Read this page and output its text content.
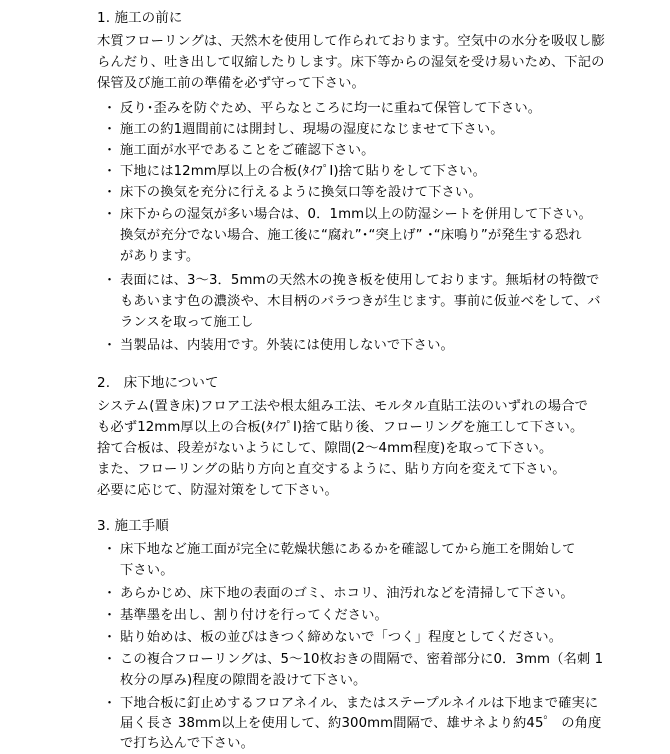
1. 施工の前に
木質フローリングは、天然木を使用して作られております。空気中の水分を吸収し膨
らんだり、吐き出して収縮したりします。床下等からの湿気を受け易いため、下記の
保管及び施工前の準備を必ず守って下さい。
・ 反り･歪みを防ぐため、平らなところに均一に重ねて保管して下さい。
・ 施工の約1週間前には開封し、現場の湿度になじませて下さい。
・ 施工面が水平であることをご確認下さい。
・ 下地には12mm厚以上の合板(ﾀｲﾌﾟⅠ)捨て貼りをして下さい。
・ 床下の換気を充分に行えるように換気口等を設けて下さい。
・ 床下からの湿気が多い場合は、0．1mm以上の防湿シートを併用して下さい。
換気が充分でない場合、施工後に“腐れ”･“突上げ” ･“床鳴り”が発生する恐れ
があります。
・ 表面には、3～3．5mmの天然木の挽き板を使用しております。無垢材の特徴で
もあいます色の濃淡や、木目柄のバラつきが生じます。事前に仮並べをして、バ
ランスを取って施工し
・ 当製品は、内装用です。外装には使用しないで下さい。
2.　床下地について
システム(置き床)フロア工法や根太組み工法、モルタル直貼工法のいずれの場合で
も必ず12mm厚以上の合板(ﾀｲﾌﾟⅠ)捨て貼り後、フローリングを施工して下さい。
捨て合板は、段差がないようにして、隙間(2～4mm程度)を取って下さい。
また、フローリングの貼り方向と直交するように、貼り方向を変えて下さい。
必要に応じて、防湿対策をして下さい。
3. 施工手順
・ 床下地など施工面が完全に乾燥状態にあるかを確認してから施工を開始して
下さい。
・ あらかじめ、床下地の表面のゴミ、ホコリ、油汚れなどを清掃して下さい。
・ 基準墨を出し、割り付けを行ってください。
・ 貼り始めは、板の並びはきつく締めないで「つく」程度としてください。
・ この複合フローリングは、5～10枚おきの間隔で、密着部分に0．3mm（名刺 1
枚分の厚み)程度の隙間を設けて下さい。
・ 下地合板に釘止めするフロアネイル、またはステープルネイルは下地まで確実に
届く長さ 38mm以上を使用して、約300mm間隔で、雄サネより約45゜ の角度
で打ち込んで下さい。
